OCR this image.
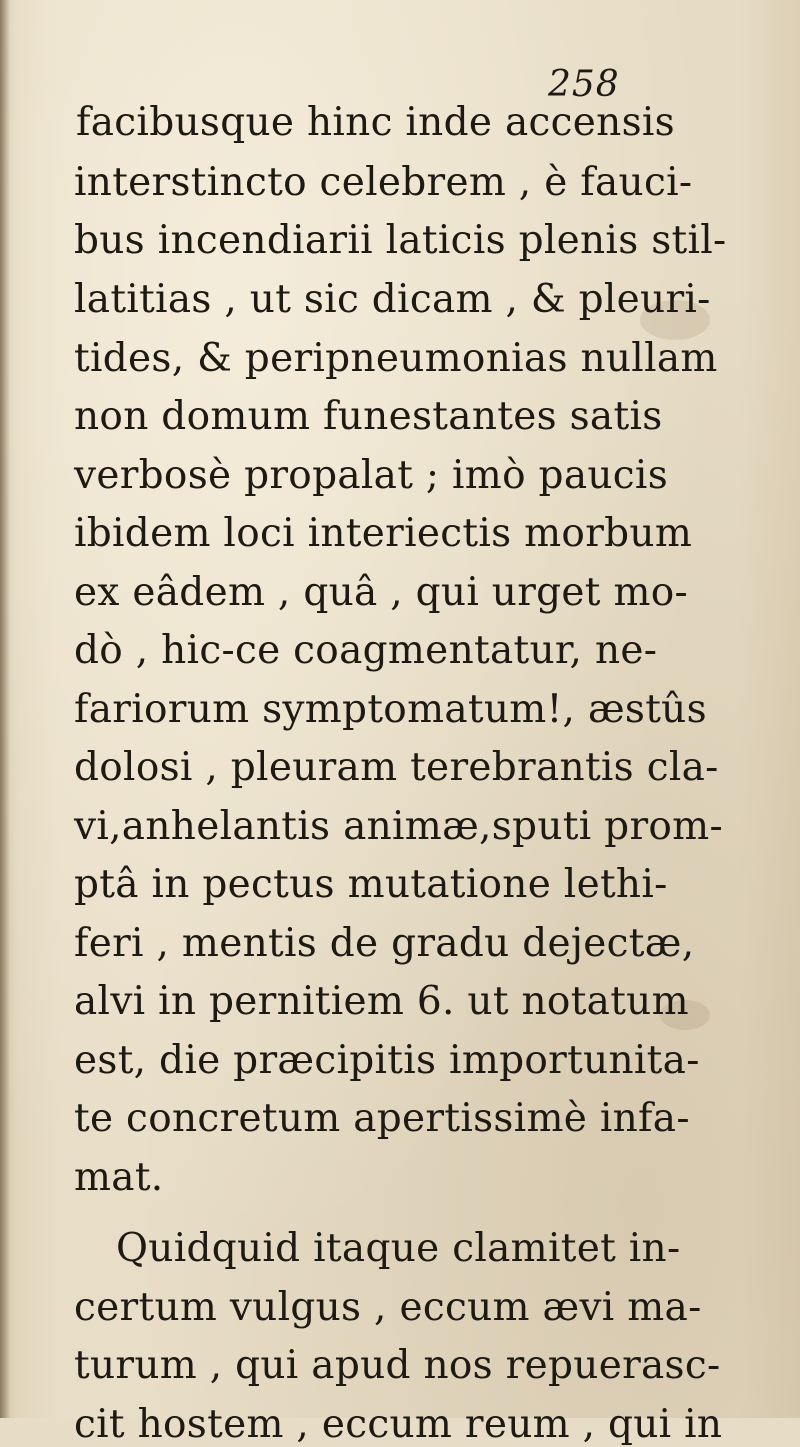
258
facibusque hinc inde accensis
interstincto celebrem , è fauci-
bus incendiarii laticis plenis stil-
latitias , ut sic dicam , & pleuri-
tides, & peripneumonias nullam
non domum funestantes satis
verbosè propalat ; imò paucis
ibidem loci interiectis morbum
ex eâdem , quâ , qui urget mo-
dò , hic-ce coagmentatur, ne-
fariorum symptomatum!, æstûs
dolosi , pleuram terebrantis cla-
vi,anhelantis animæ,sputi prom-
ptâ in pectus mutatione lethi-
feri , mentis de gradu dejectæ,
alvi in pernitiem 6. ut notatum
est, die præcipitis importunita-
te concretum apertissimè infa-
mat.
Quidquid itaque clamitet in-
certum vulgus , eccum ævi ma-
turum , qui apud nos repuerasc-
cit hostem , eccum reum , qui in
